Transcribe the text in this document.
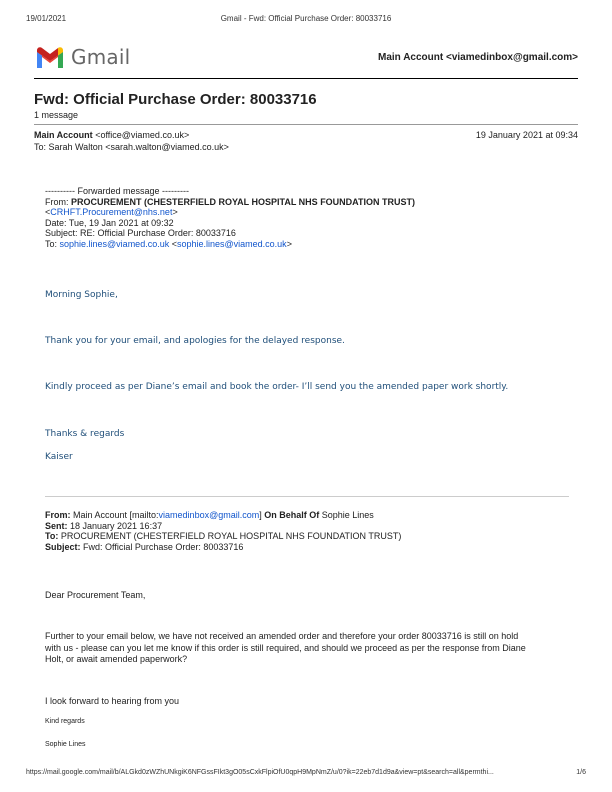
19/01/2021	Gmail - Fwd: Official Purchase Order: 80033716
Gmail	Main Account <viamedinbox@gmail.com>
Fwd: Official Purchase Order: 80033716
1 message
Main Account <office@viamed.co.uk>	19 January 2021 at 09:34
To: Sarah Walton <sarah.walton@viamed.co.uk>
---------- Forwarded message ---------
From: PROCUREMENT (CHESTERFIELD ROYAL HOSPITAL NHS FOUNDATION TRUST)
<CRHFT.Procurement@nhs.net>
Date: Tue, 19 Jan 2021 at 09:32
Subject: RE: Official Purchase Order: 80033716
To: sophie.lines@viamed.co.uk <sophie.lines@viamed.co.uk>
Morning Sophie,
Thank you for your email, and apologies for the delayed response.
Kindly proceed as per Diane’s email and book the order- I’ll send you the amended paper work shortly.
Thanks & regards
Kaiser
From: Main Account [mailto:viamedinbox@gmail.com] On Behalf Of Sophie Lines
Sent: 18 January 2021 16:37
To: PROCUREMENT (CHESTERFIELD ROYAL HOSPITAL NHS FOUNDATION TRUST)
Subject: Fwd: Official Purchase Order: 80033716
Dear Procurement Team,
Further to your email below, we have not received an amended order and therefore your order 80033716 is still on hold
with us - please can you let me know if this order is still required, and should we proceed as per the response from Diane
Holt, or await amended paperwork?
I look forward to hearing from you
Kind regards
Sophie Lines
https://mail.google.com/mail/b/ALGkd0zWZhUNkgiK6NFGssFIkt3gO05sCxkFlpiOfU0qpH9MpNmZ/u/0?ik=22eb7d1d9a&view=pt&search=all&permthi...	1/6
